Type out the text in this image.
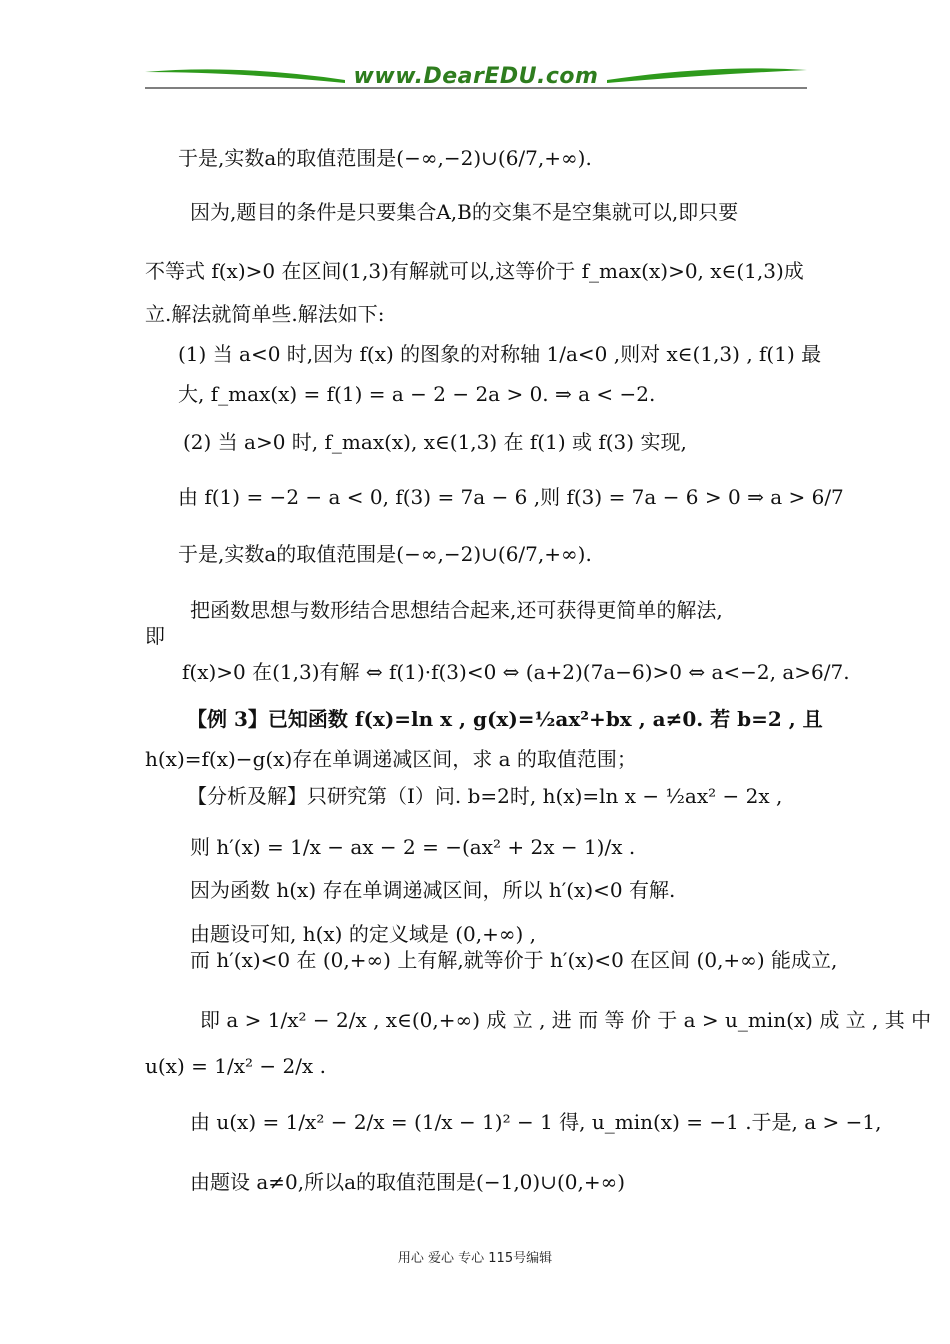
www.DearEDU.com
于是,实数a的取值范围是(−∞,−2)∪(6/7,+∞).
因为,题目的条件是只要集合A,B的交集不是空集就可以,即只要
不等式 f(x)>0 在区间(1,3)有解就可以,这等价于 f_max(x)>0, x∈(1,3)成
立.解法就简单些.解法如下:
(1) 当 a<0 时,因为 f(x) 的图象的对称轴 1/a<0 ,则对 x∈(1,3) , f(1) 最
大, f_max(x) = f(1) = a − 2 − 2a > 0. ⇒ a < −2.
(2) 当 a>0 时, f_max(x), x∈(1,3) 在 f(1) 或 f(3) 实现,
由 f(1) = −2 − a < 0, f(3) = 7a − 6 ,则 f(3) = 7a − 6 > 0 ⇒ a > 6/7
于是,实数a的取值范围是(−∞,−2)∪(6/7,+∞).
把函数思想与数形结合思想结合起来,还可获得更简单的解法,
即
f(x)>0 在(1,3)有解 ⇔ f(1)·f(3)<0 ⇔ (a+2)(7a−6)>0 ⇔ a<−2, a>6/7.
【例 3】已知函数 f(x)=ln x , g(x)=½ax²+bx , a≠0. 若 b=2 , 且
h(x)=f(x)−g(x)存在单调递减区间，求 a 的取值范围；
【分析及解】只研究第（I）问. b=2时, h(x)=ln x − ½ax² − 2x ,
则 h′(x) = 1/x − ax − 2 = −(ax² + 2x − 1)/x .
因为函数 h(x) 存在单调递减区间，所以 h′(x)<0 有解.
由题设可知, h(x) 的定义域是 (0,+∞) ,
而 h′(x)<0 在 (0,+∞) 上有解,就等价于 h′(x)<0 在区间 (0,+∞) 能成立,
即 a > 1/x² − 2/x , x∈(0,+∞) 成 立 , 进 而 等 价 于 a > u_min(x) 成 立 , 其 中
u(x) = 1/x² − 2/x .
由 u(x) = 1/x² − 2/x = (1/x − 1)² − 1 得, u_min(x) = −1 .于是, a > −1,
由题设 a≠0,所以a的取值范围是(−1,0)∪(0,+∞)
用心 爱心 专心 115号编辑
